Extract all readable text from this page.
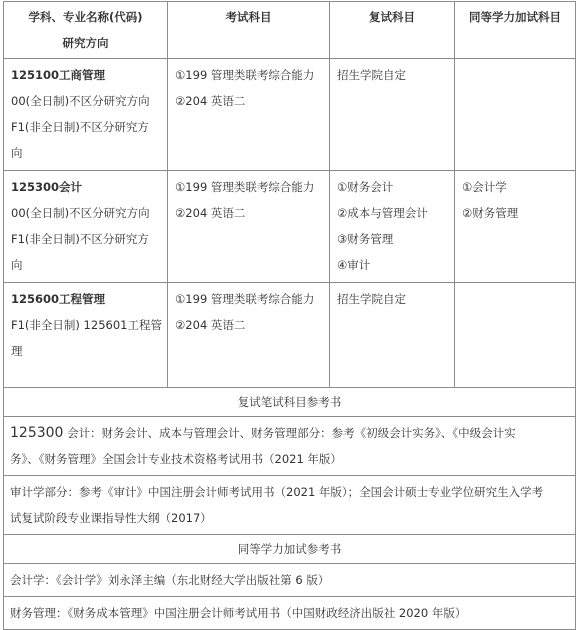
学科、专业名称(代码)
研究方向	考试科目	复试科目	同等学力加试科目

125100工商管理
00(全日制)不区分研究方向
F1(非全日制)不区分研究方
向	①199 管理类联考综合能力
②204 英语二	招生学院自定	

125300会计
00(全日制)不区分研究方向
F1(非全日制)不区分研究方
向	①199 管理类联考综合能力
②204 英语二	①财务会计
②成本与管理会计
③财务管理
④审计	①会计学
②财务管理

125600工程管理
F1(非全日制) 125601工程管
理	①199 管理类联考综合能力
②204 英语二	招生学院自定	

复试笔试科目参考书			

125300 会计：财务会计、成本与管理会计、财务管理部分：参考《初级会计实务》、《中级会计实
务》、《财务管理》全国会计专业技术资格考试用书（2021 年版）			

审计学部分：参考《审计》中国注册会计师考试用书（2021 年版）；全国会计硕士专业学位研究生入学考
试复试阶段专业课指导性大纲（2017）			

同等学力加试参考书			

会计学：《会计学》刘永泽主编（东北财经大学出版社第 6 版）			

财务管理：《财务成本管理》中国注册会计师考试用书（中国财政经济出版社 2020 年版）			
